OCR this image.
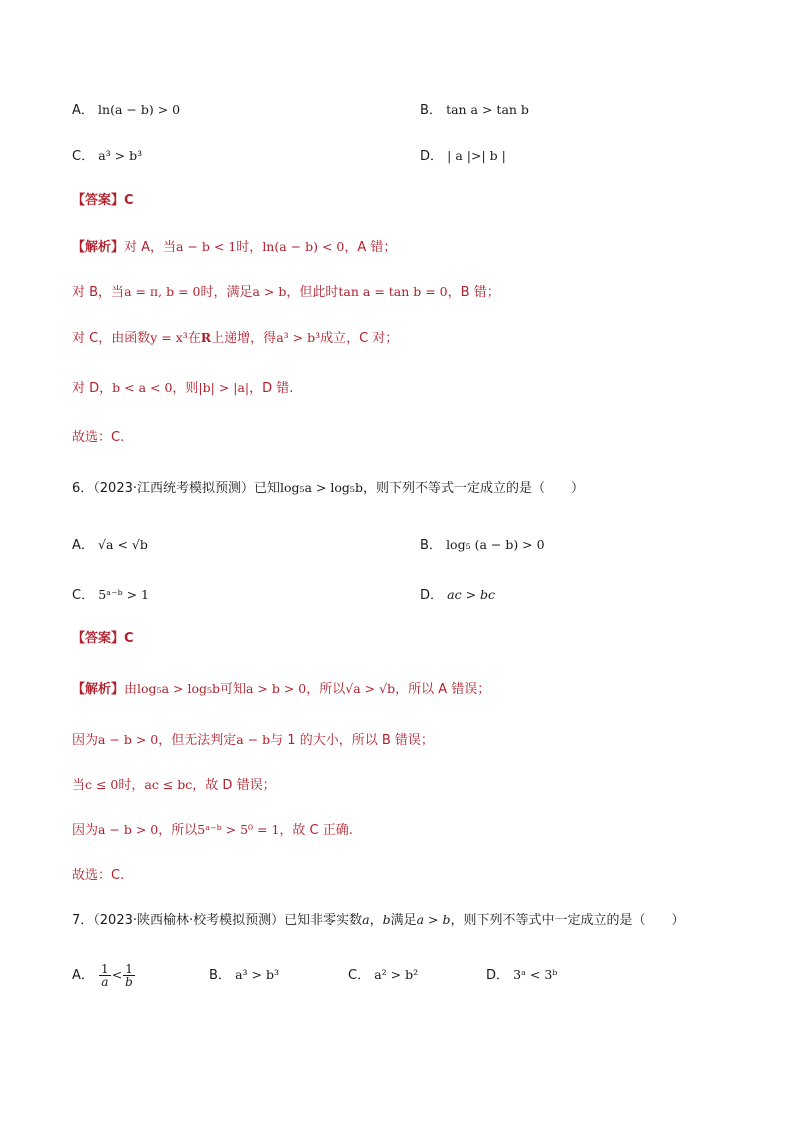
A． ln(a − b) > 0	B． tan a > tan b
C． a³ > b³	D． | a |>| b |
【答案】C
【解析】对 A，当a − b < 1时，ln(a − b) < 0，A 错；
对 B，当a = π, b = 0时，满足a > b，但此时tan a = tan b = 0，B 错；
对 C，由函数y = x³在R上递增，得a³ > b³成立，C 对；
对 D，b < a < 0，则|b| > |a|，D 错.
故选：C.
6．（2023·江西统考模拟预测）已知log₅a > log₅b，则下列不等式一定成立的是（　　）
A． √a < √b	B． log₅ (a − b) > 0
C． 5ᵃ⁻ᵇ > 1	D． ac > bc
【答案】C
【解析】由log₅a > log₅b可知a > b > 0，所以√a > √b，所以 A 错误；
因为a − b > 0，但无法判定a − b与 1 的大小，所以 B 错误；
当c ≤ 0时，ac ≤ bc，故 D 错误；
因为a − b > 0，所以5ᵃ⁻ᵇ > 5⁰ = 1，故 C 正确.
故选：C.
7．（2023·陕西榆林·校考模拟预测）已知非零实数a，b满足a > b，则下列不等式中一定成立的是（　　）
A． $\frac{1}{a} < \frac{1}{b}$	B． a³ > b³	C． a² > b²	D． 3ᵃ < 3ᵇ
